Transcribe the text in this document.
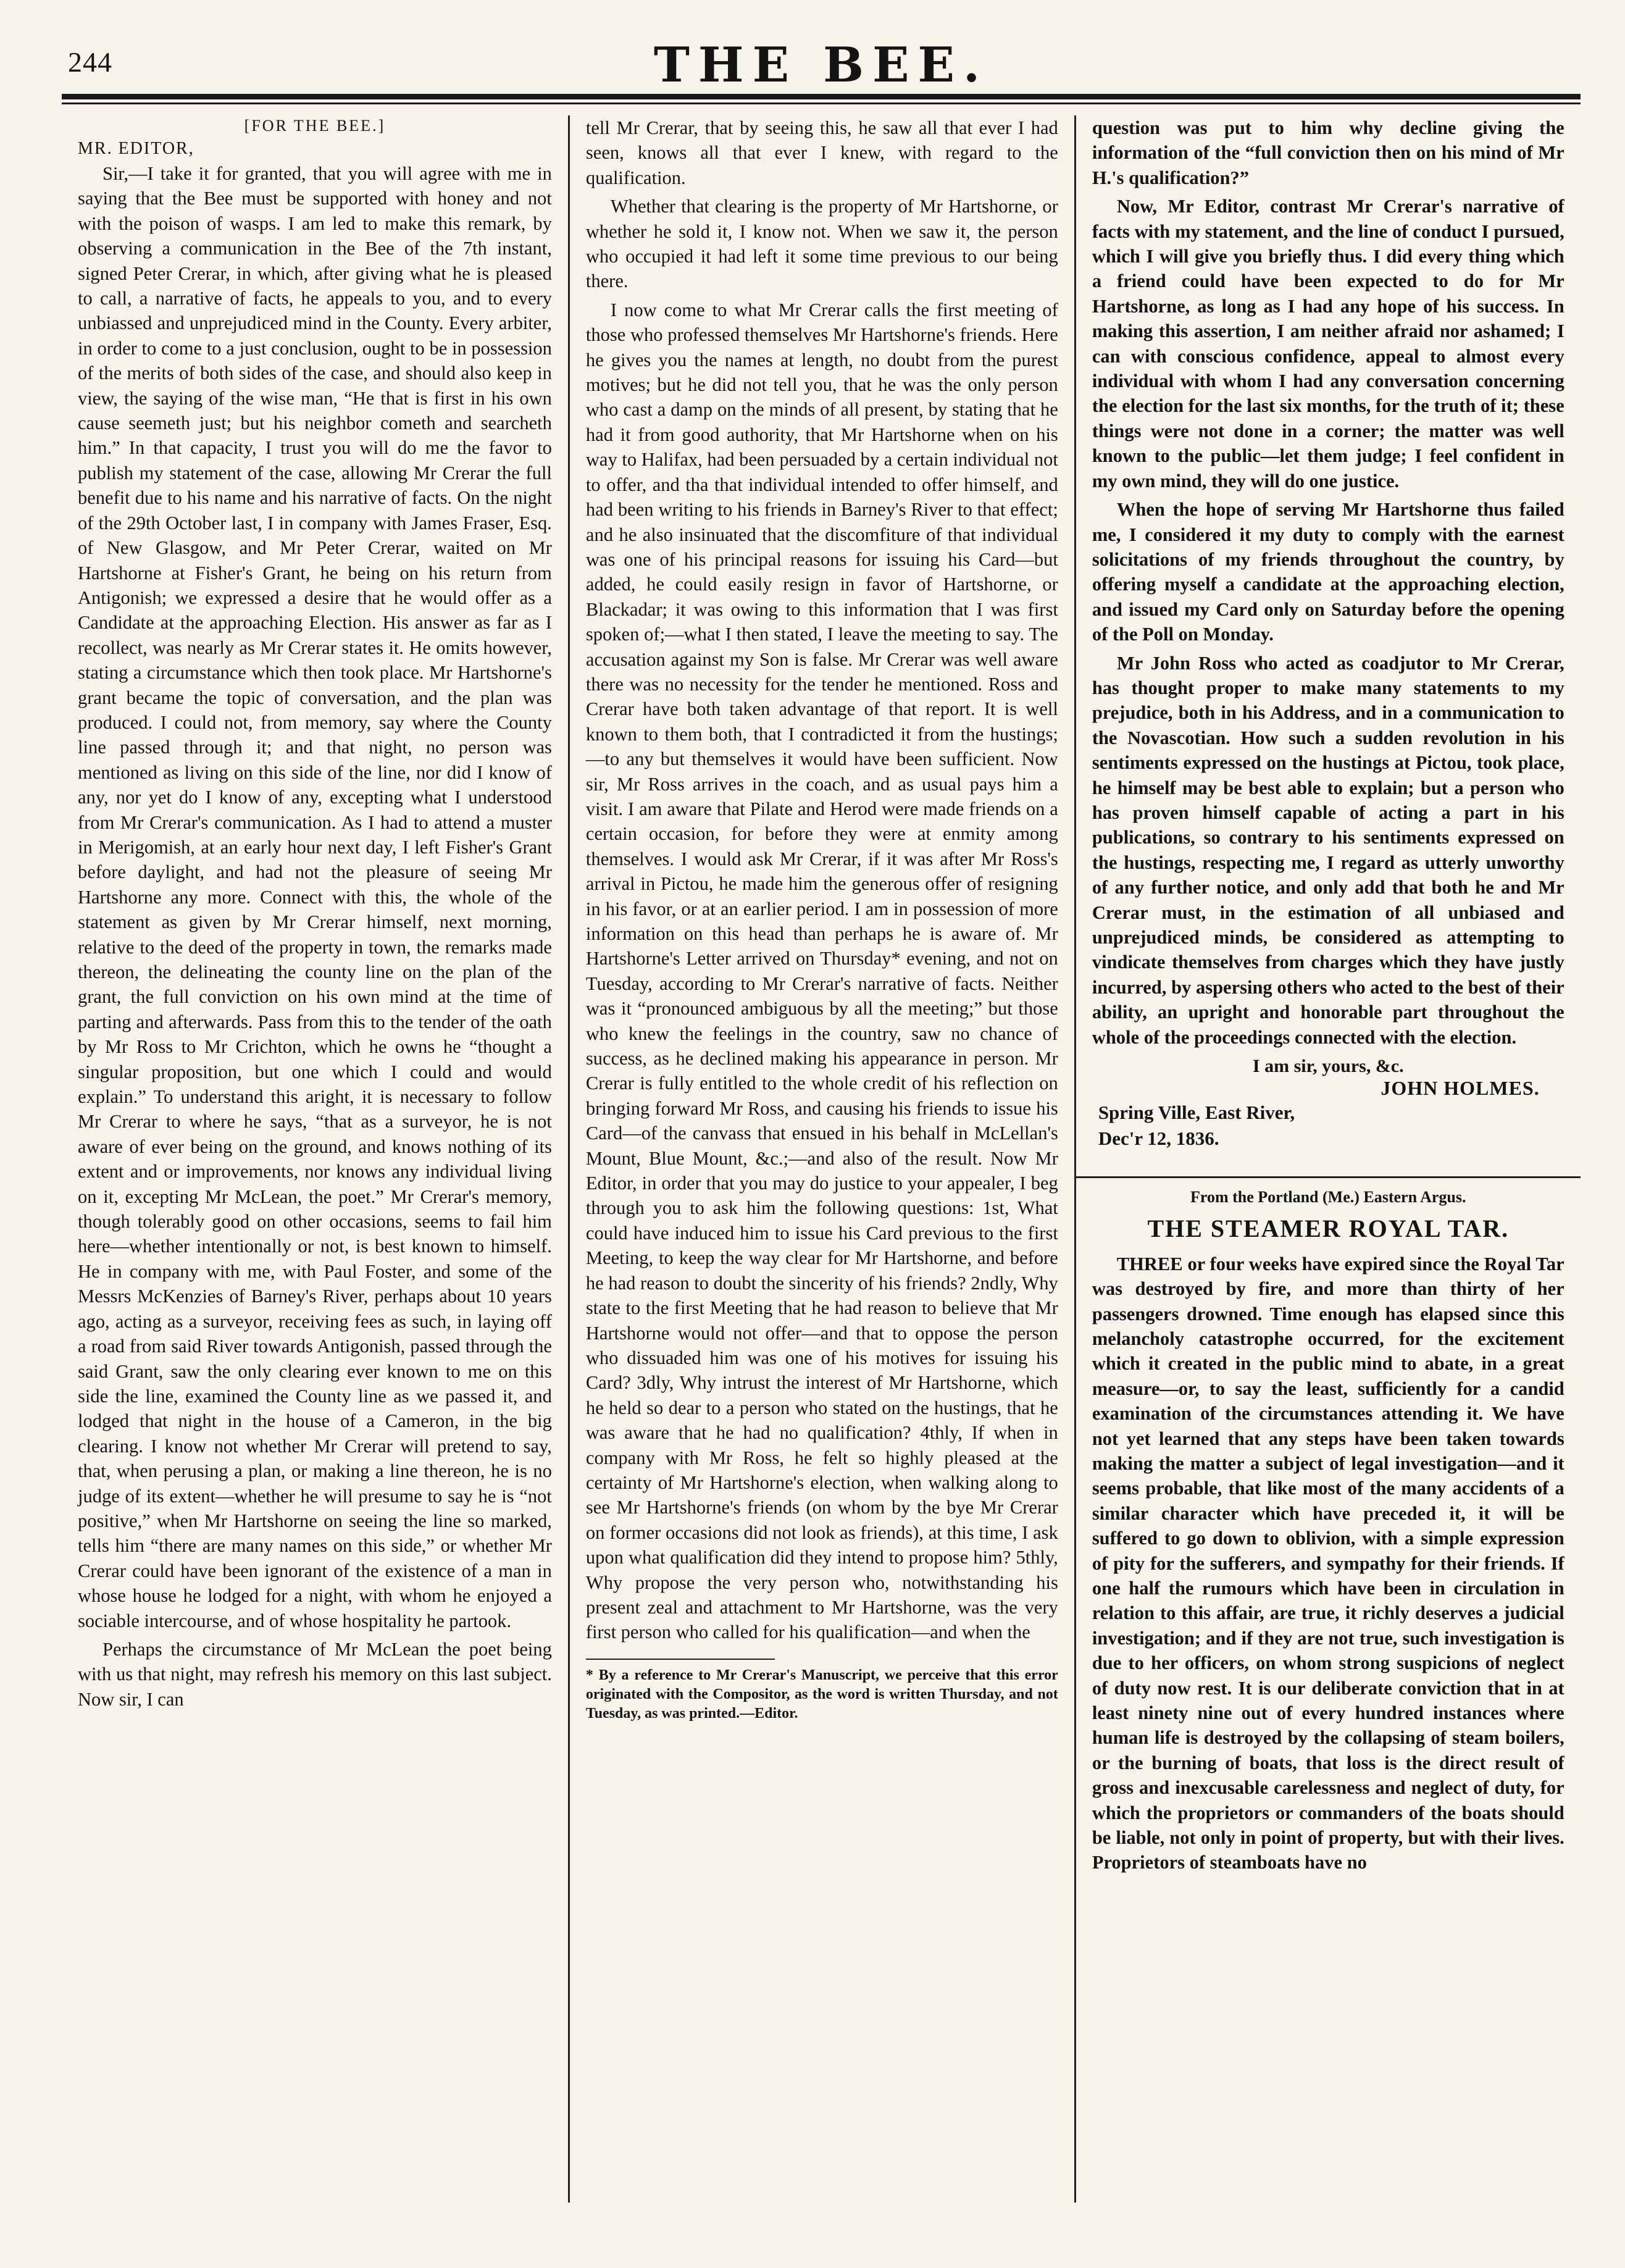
244	THE BEE.
[FOR THE BEE.]
MR. EDITOR,

Sir,—I take it for granted, that you will agree with me in saying that the Bee must be supported with honey and not with the poison of wasps. I am led to make this remark, by observing a communication in the Bee of the 7th instant, signed Peter Crerar, in which, after giving what he is pleased to call, a narrative of facts, he appeals to you, and to every unbiassed and unprejudiced mind in the County. Every arbiter, in order to come to a just conclusion, ought to be in possession of the merits of both sides of the case, and should also keep in view, the saying of the wise man, “He that is first in his own cause seemeth just; but his neighbor cometh and searcheth him.” In that capacity, I trust you will do me the favor to publish my statement of the case, allowing Mr Crerar the full benefit due to his name and his narrative of facts. On the night of the 29th October last, I in company with James Fraser, Esq. of New Glasgow, and Mr Peter Crerar, waited on Mr Hartshorne at Fisher's Grant, he being on his return from Antigonish; we expressed a desire that he would offer as a Candidate at the approaching Election. His answer as far as I recollect, was nearly as Mr Crerar states it. He omits however, stating a circumstance which then took place. Mr Hartshorne's grant became the topic of conversation, and the plan was produced. I could not, from memory, say where the County line passed through it; and that night, no person was mentioned as living on this side of the line, nor did I know of any, nor yet do I know of any, excepting what I understood from Mr Crerar's communication. As I had to attend a muster in Merigomish, at an early hour next day, I left Fisher's Grant before daylight, and had not the pleasure of seeing Mr Hartshorne any more. Connect with this, the whole of the statement as given by Mr Crerar himself, next morning, relative to the deed of the property in town, the remarks made thereon, the delineating the county line on the plan of the grant, the full conviction on his own mind at the time of parting and afterwards. Pass from this to the tender of the oath by Mr Ross to Mr Crichton, which he owns he “thought a singular proposition, but one which I could and would explain.” To understand this aright, it is necessary to follow Mr Crerar to where he says, “that as a surveyor, he is not aware of ever being on the ground, and knows nothing of its extent and or improvements, nor knows any individual living on it, excepting Mr McLean, the poet.” Mr Crerar's memory, though tolerably good on other occasions, seems to fail him here—whether intentionally or not, is best known to himself. He in company with me, with Paul Foster, and some of the Messrs McKenzies of Barney's River, perhaps about 10 years ago, acting as a surveyor, receiving fees as such, in laying off a road from said River towards Antigonish, passed through the said Grant, saw the only clearing ever known to me on this side the line, examined the County line as we passed it, and lodged that night in the house of a Cameron, in the big clearing. I know not whether Mr Crerar will pretend to say, that, when perusing a plan, or making a line thereon, he is no judge of its extent—whether he will presume to say he is “not positive,” when Mr Hartshorne on seeing the line so marked, tells him “there are many names on this side,” or whether Mr Crerar could have been ignorant of the existence of a man in whose house he lodged for a night, with whom he enjoyed a sociable intercourse, and of whose hospitality he partook.

Perhaps the circumstance of Mr McLean the poet being with us that night, may refresh his memory on this last subject. Now sir, I can

tell Mr Crerar, that by seeing this, he saw all that ever I had seen, knows all that ever I knew, with regard to the qualification.

Whether that clearing is the property of Mr Hartshorne, or whether he sold it, I know not. When we saw it, the person who occupied it had left it some time previous to our being there.

I now come to what Mr Crerar calls the first meeting of those who professed themselves Mr Hartshorne's friends. Here he gives you the names at length, no doubt from the purest motives; but he did not tell you, that he was the only person who cast a damp on the minds of all present, by stating that he had it from good authority, that Mr Hartshorne when on his way to Halifax, had been persuaded by a certain individual not to offer, and tha that individual intended to offer himself, and had been writing to his friends in Barney's River to that effect; and he also insinuated that the discomfiture of that individual was one of his principal reasons for issuing his Card—but added, he could easily resign in favor of Hartshorne, or Blackadar; it was owing to this information that I was first spoken of;—what I then stated, I leave the meeting to say. The accusation against my Son is false. Mr Crerar was well aware there was no necessity for the tender he mentioned. Ross and Crerar have both taken advantage of that report. It is well known to them both, that I contradicted it from the hustings;—to any but themselves it would have been sufficient. Now sir, Mr Ross arrives in the coach, and as usual pays him a visit. I am aware that Pilate and Herod were made friends on a certain occasion, for before they were at enmity among themselves. I would ask Mr Crerar, if it was after Mr Ross's arrival in Pictou, he made him the generous offer of resigning in his favor, or at an earlier period. I am in possession of more information on this head than perhaps he is aware of. Mr Hartshorne's Letter arrived on Thursday* evening, and not on Tuesday, according to Mr Crerar's narrative of facts. Neither was it “pronounced ambiguous by all the meeting;” but those who knew the feelings in the country, saw no chance of success, as he declined making his appearance in person. Mr Crerar is fully entitled to the whole credit of his reflection on bringing forward Mr Ross, and causing his friends to issue his Card—of the canvass that ensued in his behalf in McLellan's Mount, Blue Mount, &c.;—and also of the result. Now Mr Editor, in order that you may do justice to your appealer, I beg through you to ask him the following questions: 1st, What could have induced him to issue his Card previous to the first Meeting, to keep the way clear for Mr Hartshorne, and before he had reason to doubt the sincerity of his friends? 2ndly, Why state to the first Meeting that he had reason to believe that Mr Hartshorne would not offer—and that to oppose the person who dissuaded him was one of his motives for issuing his Card? 3dly, Why intrust the interest of Mr Hartshorne, which he held so dear to a person who stated on the hustings, that he was aware that he had no qualification? 4thly, If when in company with Mr Ross, he felt so highly pleased at the certainty of Mr Hartshorne's election, when walking along to see Mr Hartshorne's friends (on whom by the bye Mr Crerar on former occasions did not look as friends), at this time, I ask upon what qualification did they intend to propose him? 5thly, Why propose the very person who, notwithstanding his present zeal and attachment to Mr Hartshorne, was the very first person who called for his qualification—and when the

* By a reference to Mr Crerar's Manuscript, we perceive that this error originated with the Compositor, as the word is written Thursday, and not Tuesday, as was printed.—Editor.

question was put to him why decline giving the information of the “full conviction then on his mind of Mr H.'s qualification?”

Now, Mr Editor, contrast Mr Crerar's narrative of facts with my statement, and the line of conduct I pursued, which I will give you briefly thus. I did every thing which a friend could have been expected to do for Mr Hartshorne, as long as I had any hope of his success. In making this assertion, I am neither afraid nor ashamed; I can with conscious confidence, appeal to almost every individual with whom I had any conversation concerning the election for the last six months, for the truth of it; these things were not done in a corner; the matter was well known to the public—let them judge; I feel confident in my own mind, they will do one justice.

When the hope of serving Mr Hartshorne thus failed me, I considered it my duty to comply with the earnest solicitations of my friends throughout the country, by offering myself a candidate at the approaching election, and issued my Card only on Saturday before the opening of the Poll on Monday.

Mr John Ross who acted as coadjutor to Mr Crerar, has thought proper to make many statements to my prejudice, both in his Address, and in a communication to the Novascotian. How such a sudden revolution in his sentiments expressed on the hustings at Pictou, took place, he himself may be best able to explain; but a person who has proven himself capable of acting a part in his publications, so contrary to his sentiments expressed on the hustings, respecting me, I regard as utterly unworthy of any further notice, and only add that both he and Mr Crerar must, in the estimation of all unbiased and unprejudiced minds, be considered as attempting to vindicate themselves from charges which they have justly incurred, by aspersing others who acted to the best of their ability, an upright and honorable part throughout the whole of the proceedings connected with the election.

I am sir, yours, &c.
JOHN HOLMES.
Spring Ville, East River,
Dec'r 12, 1836.
From the Portland (Me.) Eastern Argus.
THE STEAMER ROYAL TAR.

THREE or four weeks have expired since the Royal Tar was destroyed by fire, and more than thirty of her passengers drowned. Time enough has elapsed since this melancholy catastrophe occurred, for the excitement which it created in the public mind to abate, in a great measure—or, to say the least, sufficiently for a candid examination of the circumstances attending it. We have not yet learned that any steps have been taken towards making the matter a subject of legal investigation—and it seems probable, that like most of the many accidents of a similar character which have preceded it, it will be suffered to go down to oblivion, with a simple expression of pity for the sufferers, and sympathy for their friends. If one half the rumours which have been in circulation in relation to this affair, are true, it richly deserves a judicial investigation; and if they are not true, such investigation is due to her officers, on whom strong suspicions of neglect of duty now rest. It is our deliberate conviction that in at least ninety nine out of every hundred instances where human life is destroyed by the collapsing of steam boilers, or the burning of boats, that loss is the direct result of gross and inexcusable carelessness and neglect of duty, for which the proprietors or commanders of the boats should be liable, not only in point of property, but with their lives. Proprietors of steamboats have no
